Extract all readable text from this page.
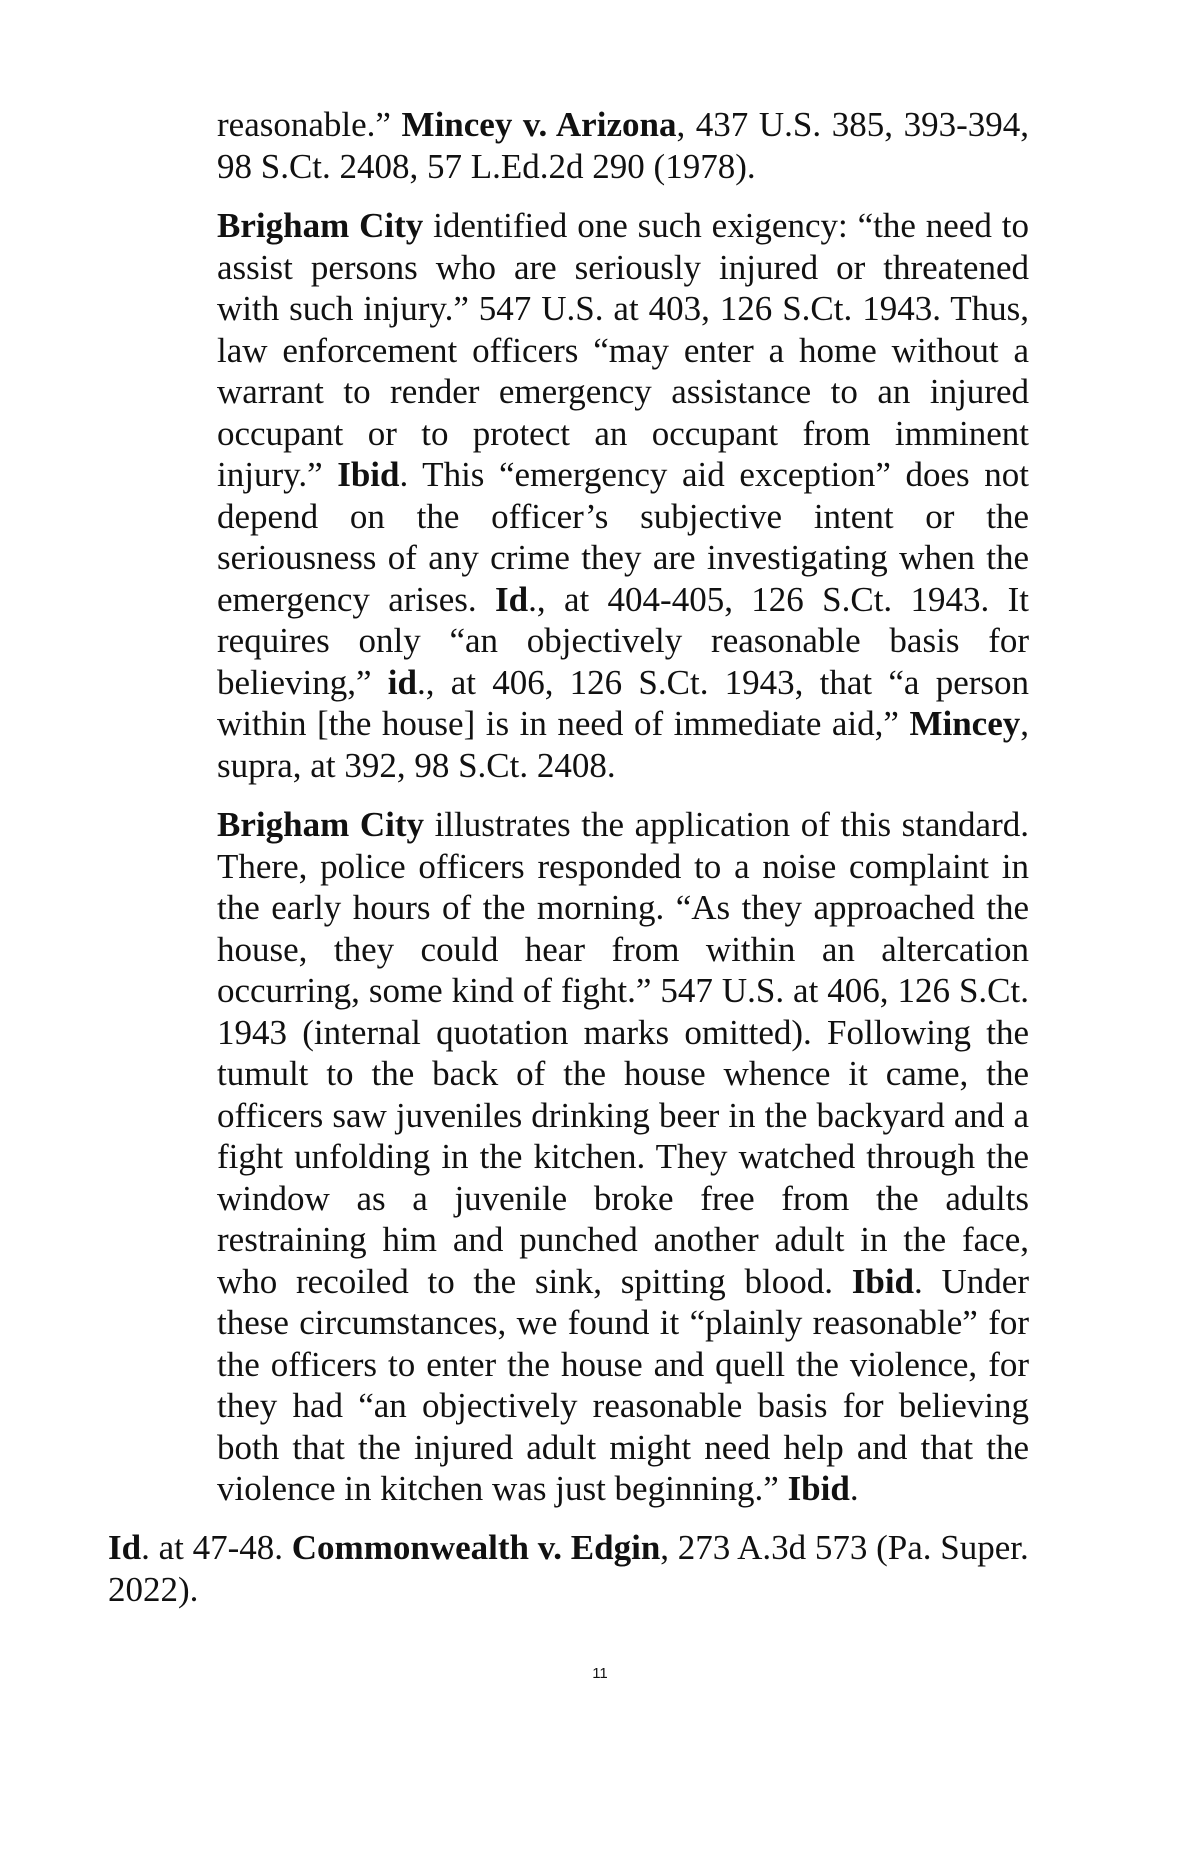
reasonable.” Mincey v. Arizona, 437 U.S. 385, 393-394, 98 S.Ct. 2408, 57 L.Ed.2d 290 (1978).

Brigham City identified one such exigency: “the need to assist persons who are seriously injured or threatened with such injury.” 547 U.S. at 403, 126 S.Ct. 1943. Thus, law enforcement officers “may enter a home without a warrant to render emergency assistance to an injured occupant or to protect an occupant from imminent injury.” Ibid. This “emergency aid exception” does not depend on the officer’s subjective intent or the seriousness of any crime they are investigating when the emergency arises. Id., at 404-405, 126 S.Ct. 1943. It requires only “an objectively reasonable basis for believing,” id., at 406, 126 S.Ct. 1943, that “a person within [the house] is in need of immediate aid,” Mincey, supra, at 392, 98 S.Ct. 2408.

Brigham City illustrates the application of this standard. There, police officers responded to a noise complaint in the early hours of the morning. “As they approached the house, they could hear from within an altercation occurring, some kind of fight.” 547 U.S. at 406, 126 S.Ct. 1943 (internal quotation marks omitted). Following the tumult to the back of the house whence it came, the officers saw juveniles drinking beer in the backyard and a fight unfolding in the kitchen. They watched through the window as a juvenile broke free from the adults restraining him and punched another adult in the face, who recoiled to the sink, spitting blood. Ibid. Under these circumstances, we found it “plainly reasonable” for the officers to enter the house and quell the violence, for they had “an objectively reasonable basis for believing both that the injured adult might need help and that the violence in kitchen was just beginning.” Ibid.

Id. at 47-48. Commonwealth v. Edgin, 273 A.3d 573 (Pa. Super. 2022).

11
